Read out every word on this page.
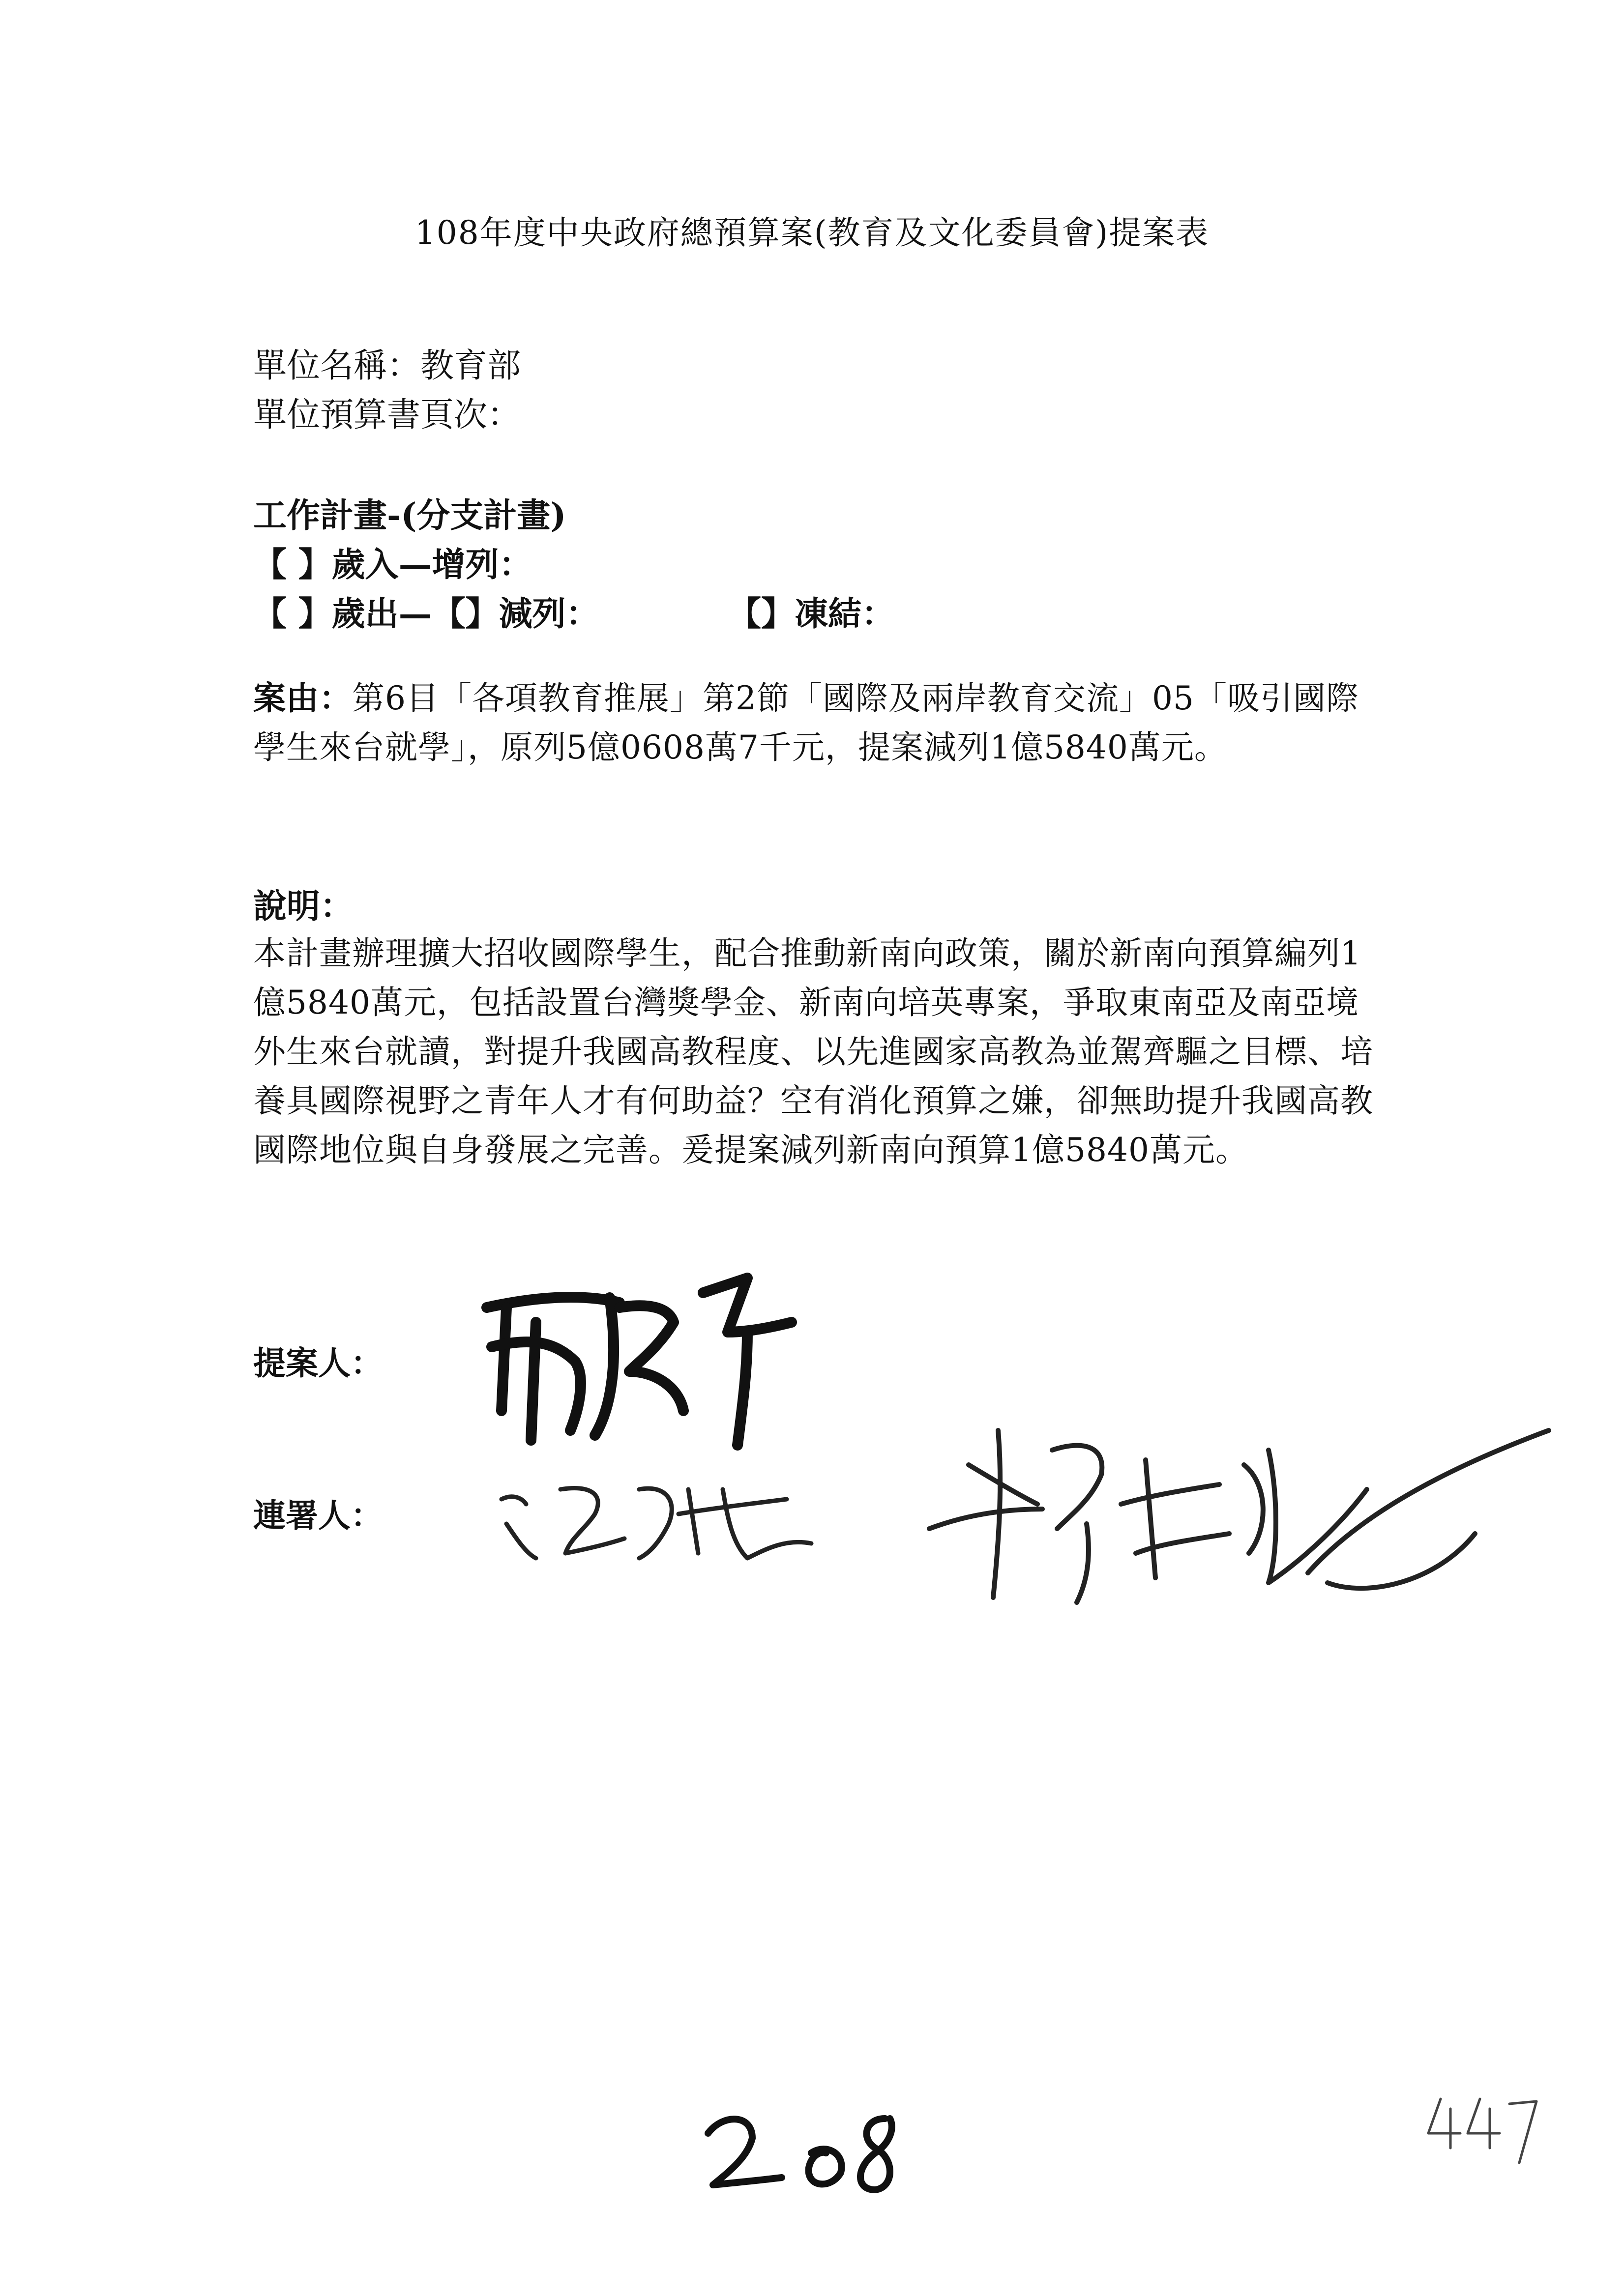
108年度中央政府總預算案(教育及文化委員會)提案表
單位名稱：教育部
單位預算書頁次：
工作計畫-(分支計畫)
【 】歲入—增列：
【 】歲出—【】減列：	【】凍結：
案由：第6目「各項教育推展」第2節「國際及兩岸教育交流」05「吸引國際學生來台就學」，原列5億0608萬7千元，提案減列1億5840萬元。
說明：
本計畫辦理擴大招收國際學生，配合推動新南向政策，關於新南向預算編列1億5840萬元，包括設置台灣獎學金、新南向培英專案，爭取東南亞及南亞境外生來台就讀，對提升我國高教程度、以先進國家高教為並駕齊驅之目標、培養具國際視野之青年人才有何助益？空有消化預算之嫌，卻無助提升我國高教國際地位與自身發展之完善。爰提案減列新南向預算1億5840萬元。
提案人：
連署人：
